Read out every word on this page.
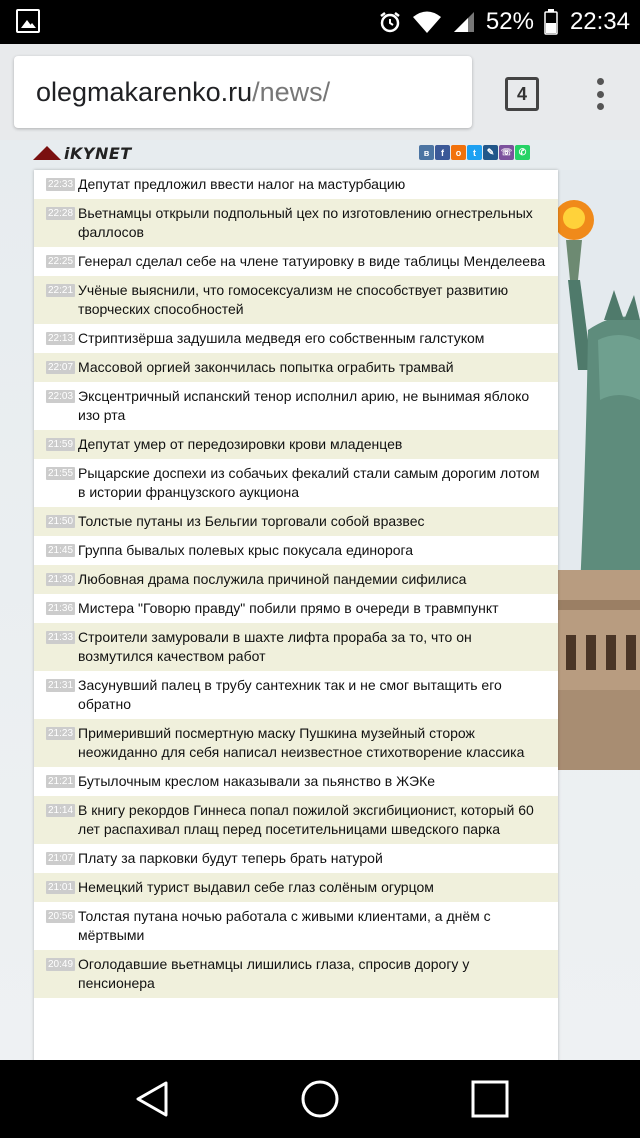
52% 22:34
olegmakarenko.ru /news/	4
iKYNET	в	f	о	t	✎ ☏ ✆
22:33 Депутат предложил ввести налог на мастурбацию
22:28 Вьетнамцы открыли подпольный цех по изготовлению огнестрельных фаллосов
22:25 Генерал сделал себе на члене татуировку в виде таблицы Менделеева
22:21 Учёные выяснили, что гомосексуализм не способствует развитию творческих способностей
22:13 Стриптизёрша задушила медведя его собственным галстуком
22:07 Массовой оргией закончилась попытка ограбить трамвай
22:03 Эксцентричный испанский тенор исполнил арию, не вынимая яблоко изо рта
21:59 Депутат умер от передозировки крови младенцев
21:55 Рыцарские доспехи из собачьих фекалий стали самым дорогим лотом в истории французского аукциона
21:50 Толстые путаны из Бельгии торговали собой вразвес
21:45 Группа бывалых полевых крыс покусала единорога
21:39 Любовная драма послужила причиной пандемии сифилиса
21:36 Мистера "Говорю правду" побили прямо в очереди в травмпункт
21:33 Строители замуровали в шахте лифта прораба за то, что он возмутился качеством работ
21:31 Засунувший палец в трубу сантехник так и не смог вытащить его обратно
21:23 Примеривший посмертную маску Пушкина музейный сторож неожиданно для себя написал неизвестное стихотворение классика
21:21 Бутылочным креслом наказывали за пьянство в ЖЭКе
21:14 В книгу рекордов Гиннеса попал пожилой эксгибиционист, который 60 лет распахивал плащ перед посетительницами шведского парка
21:07 Плату за парковки будут теперь брать натурой
21:01 Немецкий турист выдавил себе глаз солёным огурцом
20:56 Толстая путана ночью работала с живыми клиентами, а днём с мёртвыми
20:49 Оголодавшие вьетнамцы лишились глаза, спросив дорогу у пенсионера
